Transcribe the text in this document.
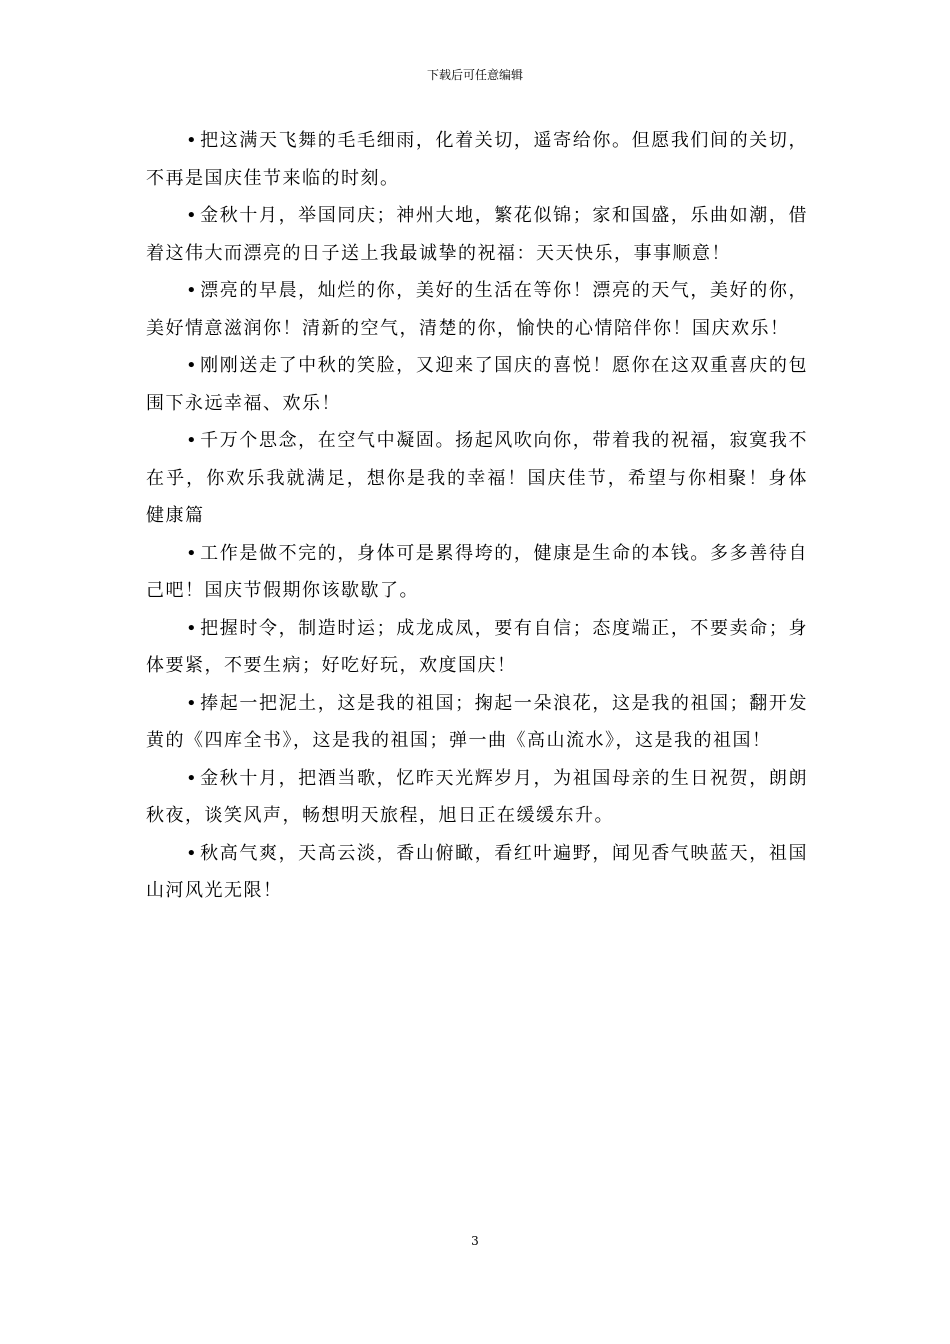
下载后可任意编辑

• 把这满天飞舞的毛毛细雨，化着关切，遥寄给你。但愿我们间的关切，不再是国庆佳节来临的时刻。

• 金秋十月，举国同庆；神州大地，繁花似锦；家和国盛，乐曲如潮，借着这伟大而漂亮的日子送上我最诚挚的祝福：天天快乐，事事顺意！

• 漂亮的早晨，灿烂的你，美好的生活在等你！漂亮的天气，美好的你，美好情意滋润你！清新的空气，清楚的你，愉快的心情陪伴你！国庆欢乐！

• 刚刚送走了中秋的笑脸，又迎来了国庆的喜悦！愿你在这双重喜庆的包围下永远幸福、欢乐！

• 千万个思念，在空气中凝固。扬起风吹向你，带着我的祝福，寂寞我不在乎，你欢乐我就满足，想你是我的幸福！国庆佳节，希望与你相聚！身体健康篇

• 工作是做不完的，身体可是累得垮的，健康是生命的本钱。多多善待自己吧！国庆节假期你该歇歇了。

• 把握时令，制造时运；成龙成凤，要有自信；态度端正，不要卖命；身体要紧，不要生病；好吃好玩，欢度国庆！

• 捧起一把泥土，这是我的祖国；掬起一朵浪花，这是我的祖国；翻开发黄的《四库全书》，这是我的祖国；弹一曲《高山流水》，这是我的祖国！

• 金秋十月，把酒当歌，忆昨天光辉岁月，为祖国母亲的生日祝贺，朗朗秋夜，谈笑风声，畅想明天旅程，旭日正在缓缓东升。

• 秋高气爽，天高云淡，香山俯瞰，看红叶遍野，闻见香气映蓝天，祖国山河风光无限！

3
